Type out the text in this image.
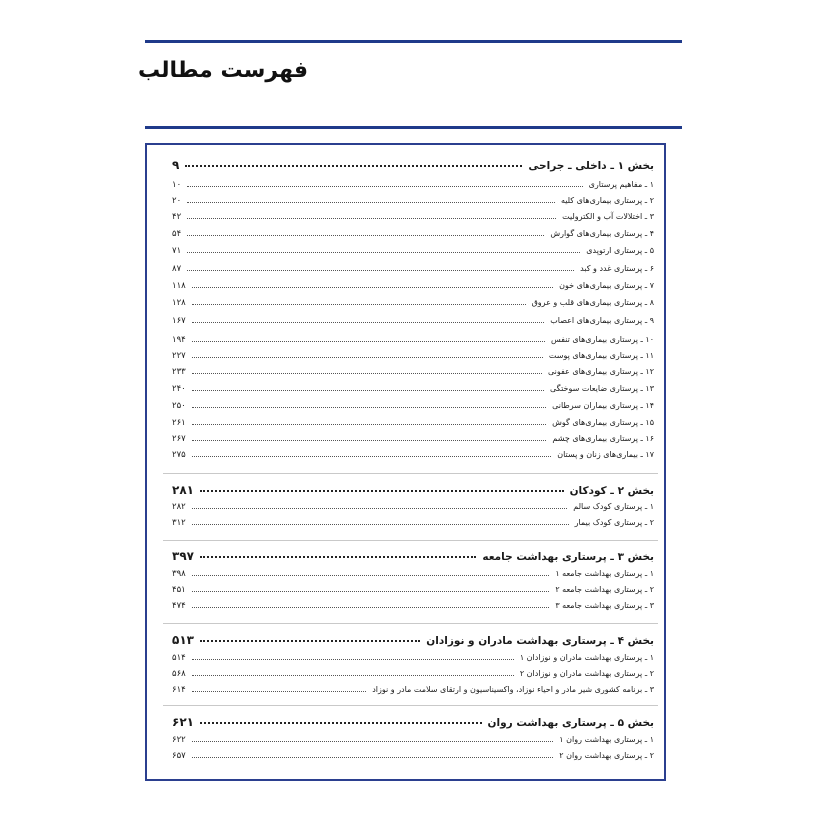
فهرست مطالب
بخش ۱ ـ داخلی ـ جراحی
۹
۱ ـ مفاهیم پرستاری
۱۰
۲ ـ پرستاری بیماری‌های کلیه
۲۰
۳ ـ اختلالات آب و الکترولیت
۴۲
۴ ـ پرستاری بیماری‌های گوارش
۵۴
۵ ـ پرستاری ارتوپدی
۷۱
۶ ـ پرستاری غدد و کبد
۸۷
۷ ـ پرستاری بیماری‌های خون
۱۱۸
۸ ـ پرستاری بیماری‌های قلب و عروق
۱۲۸
۹ ـ پرستاری بیماری‌های اعصاب
۱۶۷
۱۰ ـ پرستاری بیماری‌های تنفس
۱۹۴
۱۱ ـ پرستاری بیماری‌های پوست
۲۲۷
۱۲ ـ پرستاری بیماری‌های عفونی
۲۳۳
۱۳ ـ پرستاری ضایعات سوختگی
۲۴۰
۱۴ ـ پرستاری بیماران سرطانی
۲۵۰
۱۵ ـ پرستاری بیماری‌های گوش
۲۶۱
۱۶ ـ پرستاری بیماری‌های چشم
۲۶۷
۱۷ ـ بیماری‌های زنان و پستان
۲۷۵
بخش ۲ ـ کودکان
۲۸۱
۱ ـ پرستاری کودک سالم
۲۸۲
۲ ـ پرستاری کودک بیمار
۳۱۲
بخش ۳ ـ پرستاری بهداشت جامعه
۳۹۷
۱ ـ پرستاری بهداشت جامعه ۱
۳۹۸
۲ ـ پرستاری بهداشت جامعه ۲
۴۵۱
۳ ـ پرستاری بهداشت جامعه ۳
۴۷۴
بخش ۴ ـ پرستاری بهداشت مادران و نوزادان
۵۱۳
۱ ـ پرستاری بهداشت مادران و نوزادان ۱
۵۱۴
۲ ـ پرستاری بهداشت مادران و نوزادان ۲
۵۶۸
۳ ـ برنامه کشوری شیر مادر و احیاء نوزاد، واکسیناسیون و ارتقای سلامت مادر و نوزاد
۶۱۴
بخش ۵ ـ پرستاری بهداشت روان
۶۲۱
۱ ـ پرستاری بهداشت روان ۱
۶۲۲
۲ ـ پرستاری بهداشت روان ۲
۶۵۷
